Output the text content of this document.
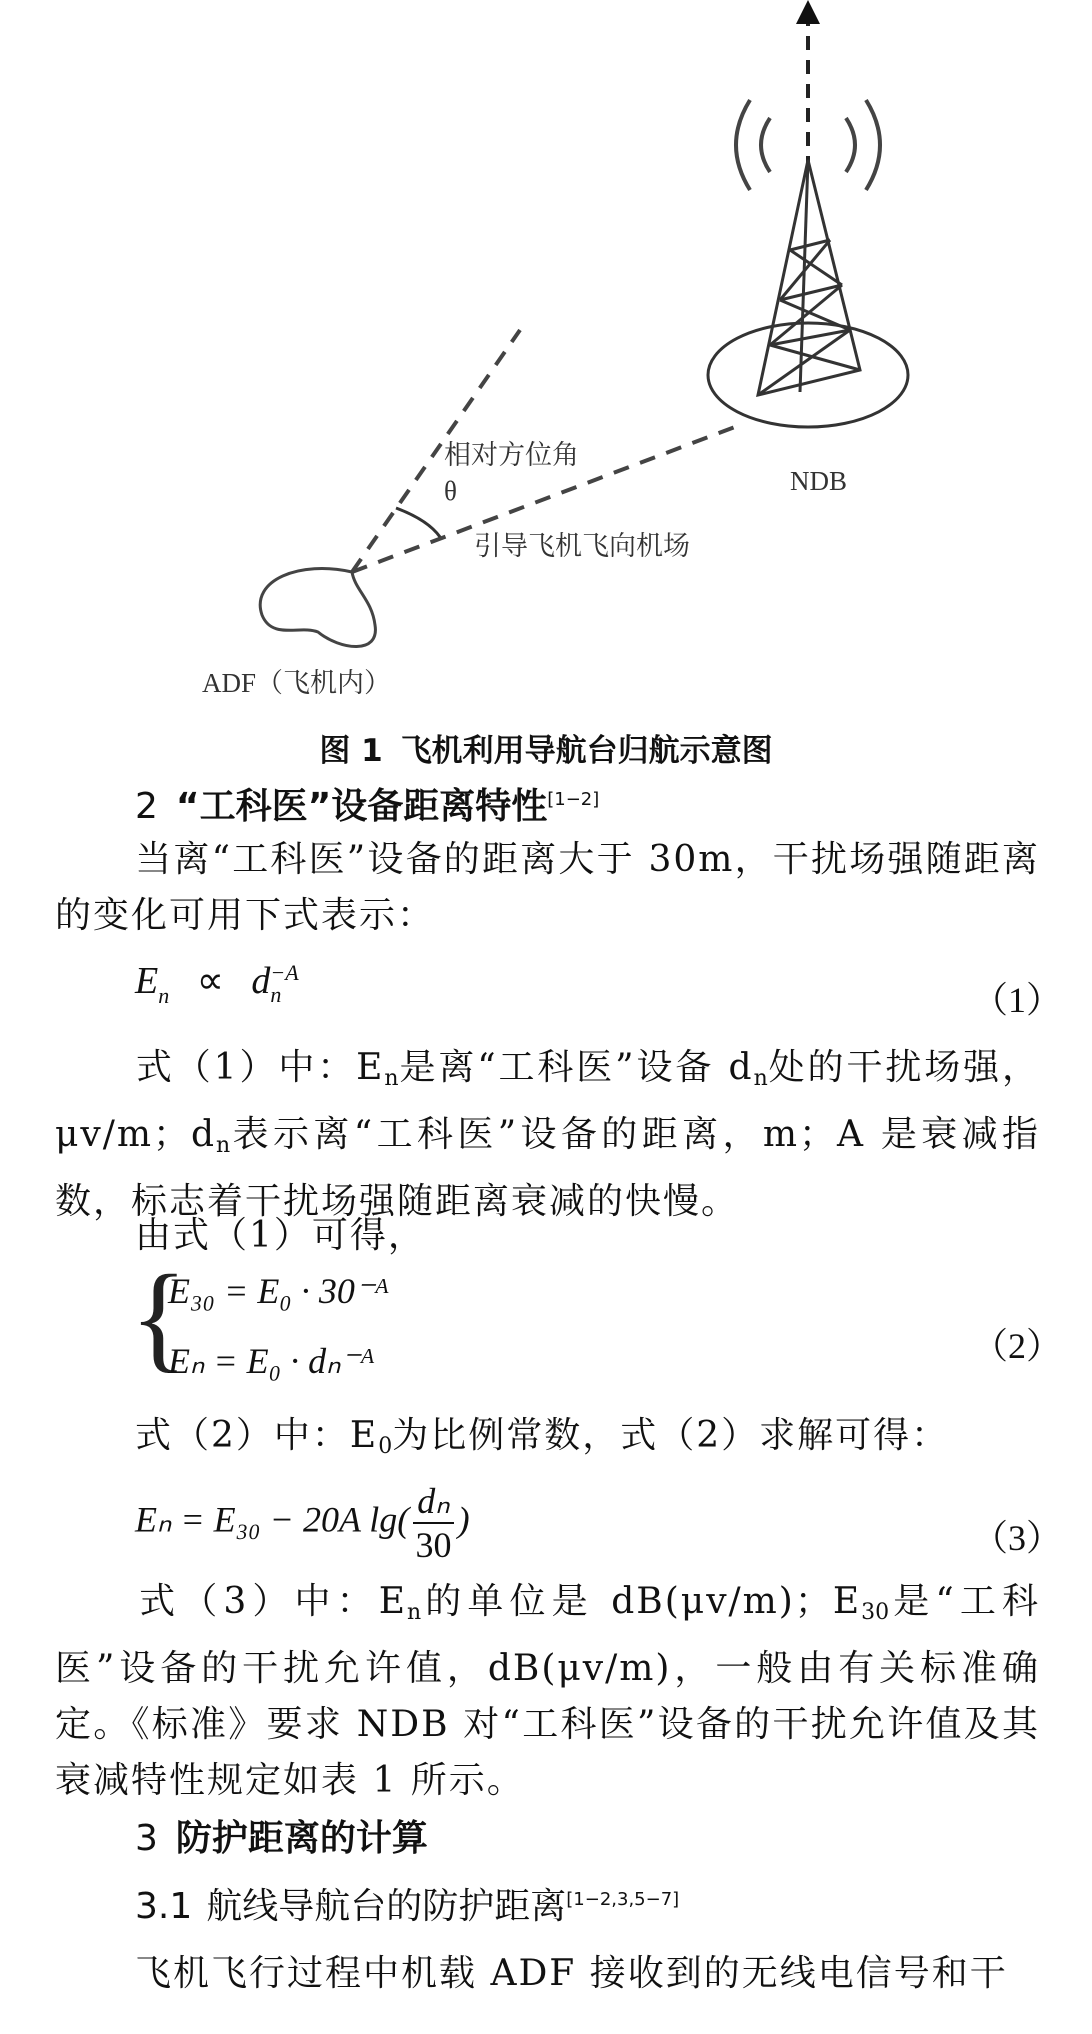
相对方位角
θ
引导飞机飞向机场
NDB
ADF（飞机内）
图 1 飞机利用导航台归航示意图
2 “工科医”设备距离特性[1−2]
当离“工科医”设备的距离大于 30m，干扰场强随距离的变化可用下式表示：
$E_n \propto d -A$
n	（1）
式（1）中：$E_n$是离“工科医”设备 $d_n$处的干扰场强，μv/m；$d_n$表示离“工科医”设备的距离，m；A 是衰减指数，标志着干扰场强随距离衰减的快慢。
由式（1）可得，
{
E₃₀ = E₀ · 30⁻ᴬ
Eₙ = E₀ · dₙ⁻ᴬ	（2）
式（2）中：$E_0$为比例常数，式（2）求解可得：
Eₙ = E₃₀ − 20A $\lg( \frac{\text{dₙ}}{30}$ )	（3）
式（3）中：$E_n$的单位是 dB(μv/m)；$E_{30}$是“工科医”设备的干扰允许值，dB(μv/m)，一般由有关标准确定。《标准》要求 NDB 对“工科医”设备的干扰允许值及其衰减特性规定如表 1 所示。
3 防护距离的计算
3.1 航线导航台的防护距离[1−2,3,5−7]
飞机飞行过程中机载 ADF 接收到的无线电信号和干
